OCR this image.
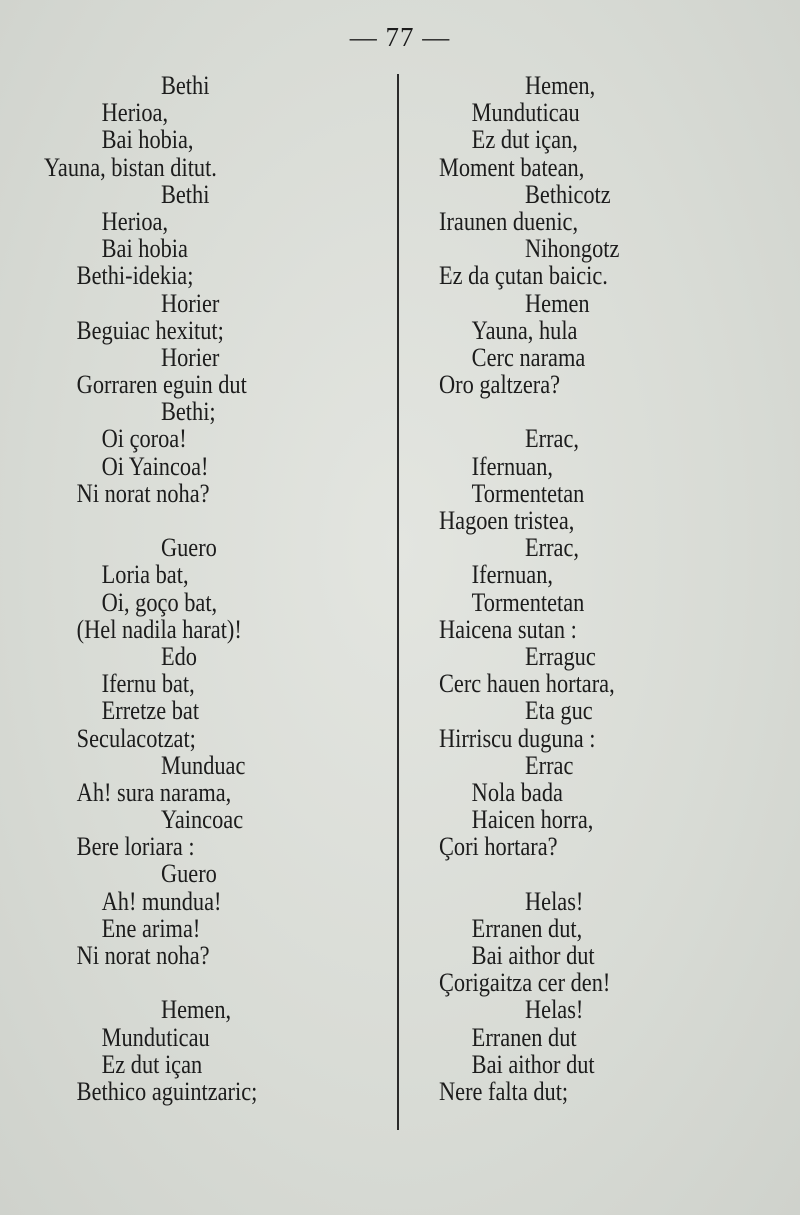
— 77 —
Bethi
Herioa,
Bai hobia,
Yauna, bistan ditut.
Bethi
Herioa,
Bai hobia
Bethi-idekia;
Horier
Beguiac hexitut;
Horier
Gorraren eguin dut
Bethi;
Oi çoroa!
Oi Yaincoa!
Ni norat noha?
Guero
Loria bat,
Oi, goço bat,
(Hel nadila harat)!
Edo
Ifernu bat,
Erretze bat
Seculacotzat;
Munduac
Ah! sura narama,
Yaincoac
Bere loriara :
Guero
Ah! mundua!
Ene arima!
Ni norat noha?
Hemen,
Munduticau
Ez dut içan
Bethico aguintzaric;
Hemen,
Munduticau
Ez dut içan,
Moment batean,
Bethicotz
Iraunen duenic,
Nihongotz
Ez da çutan baicic.
Hemen
Yauna, hula
Cerc narama
Oro galtzera?
Errac,
Ifernuan,
Tormentetan
Hagoen tristea,
Errac,
Ifernuan,
Tormentetan
Haicena sutan :
Erraguc
Cerc hauen hortara,
Eta guc
Hirriscu duguna :
Errac
Nola bada
Haicen horra,
Çori hortara?
Helas!
Erranen dut,
Bai aithor dut
Çorigaitza cer den!
Helas!
Erranen dut
Bai aithor dut
Nere falta dut;
